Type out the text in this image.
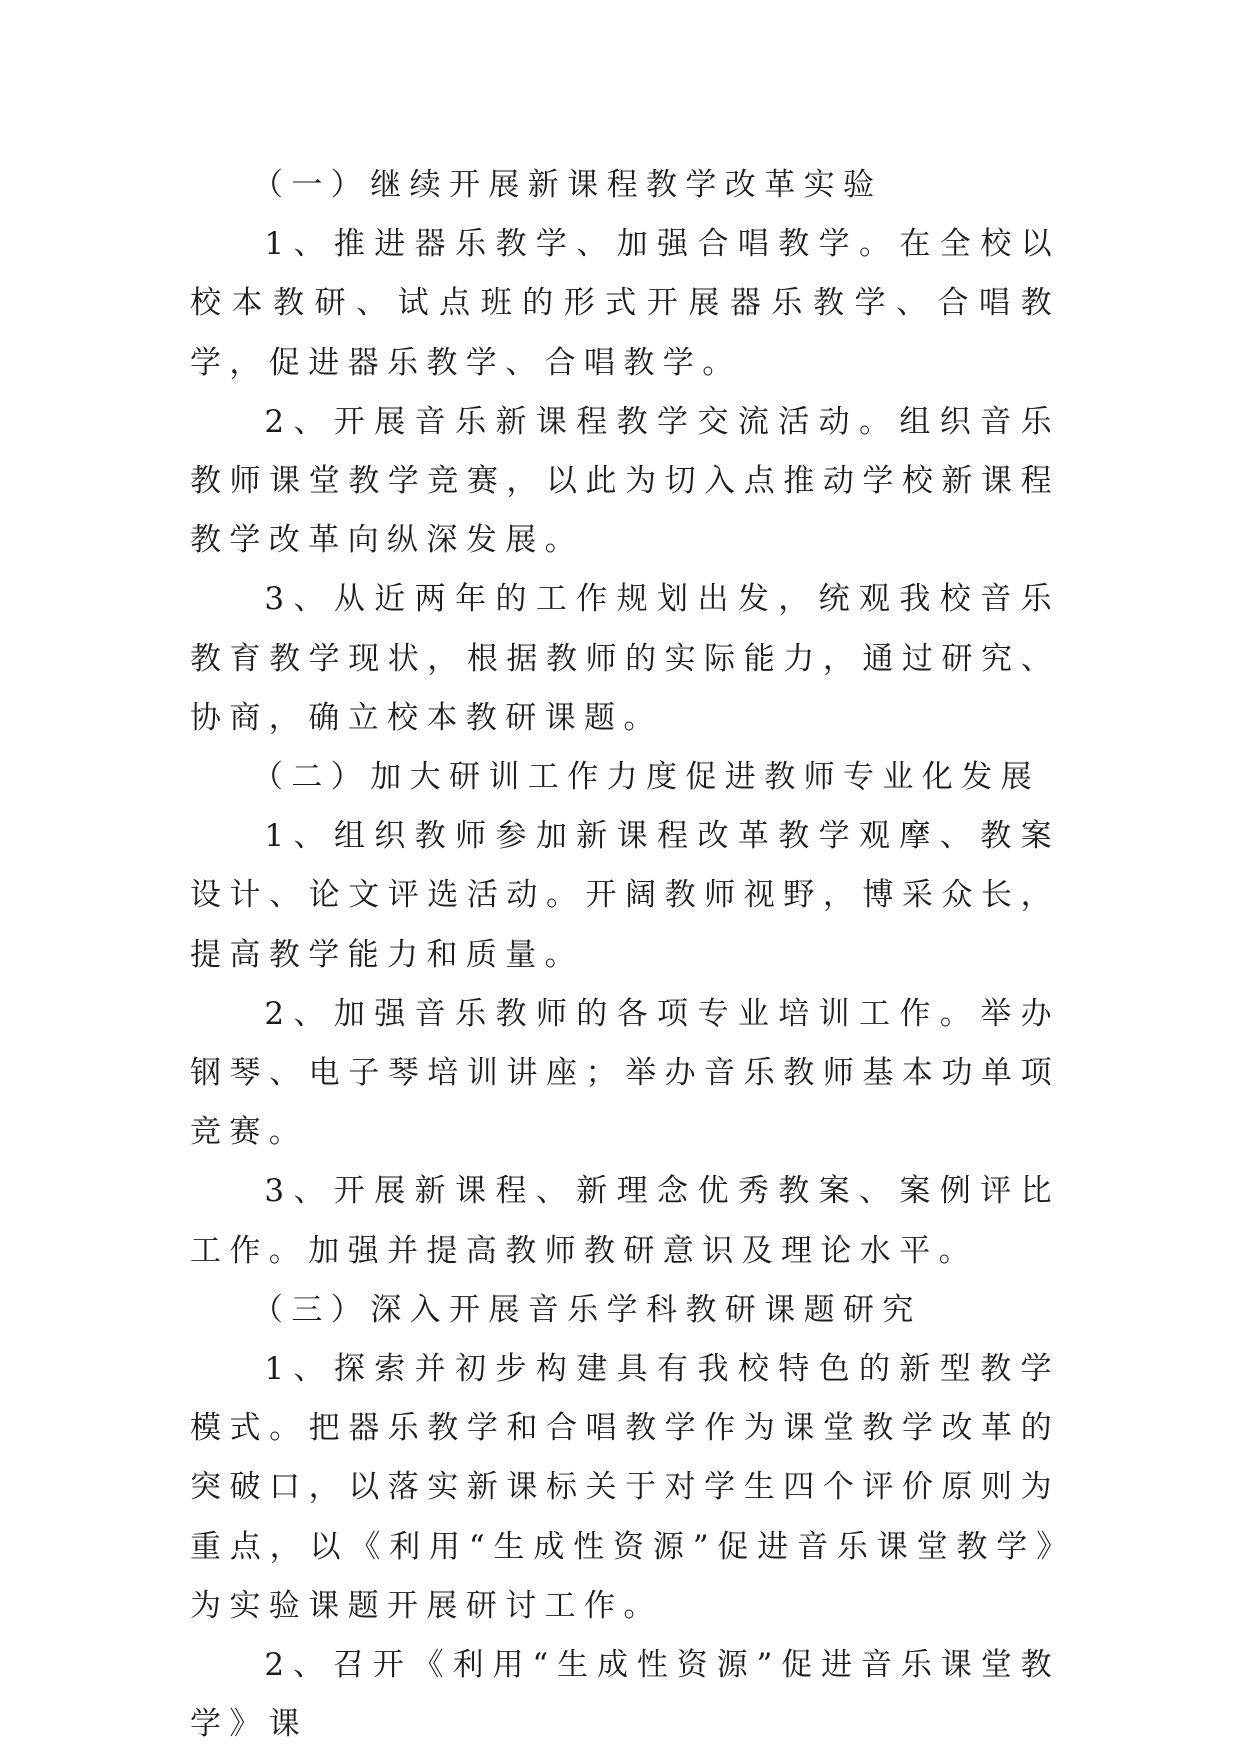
（一）继续开展新课程教学改革实验

1、推进器乐教学、加强合唱教学。在全校以校本教研、试点班的形式开展器乐教学、合唱教学，促进器乐教学、合唱教学。

2、开展音乐新课程教学交流活动。组织音乐教师课堂教学竞赛，以此为切入点推动学校新课程教学改革向纵深发展。

3、从近两年的工作规划出发，统观我校音乐教育教学现状，根据教师的实际能力，通过研究、协商，确立校本教研课题。

（二）加大研训工作力度促进教师专业化发展

1、组织教师参加新课程改革教学观摩、教案设计、论文评选活动。开阔教师视野，博采众长，提高教学能力和质量。

2、加强音乐教师的各项专业培训工作。举办钢琴、电子琴培训讲座；举办音乐教师基本功单项竞赛。

3、开展新课程、新理念优秀教案、案例评比工作。加强并提高教师教研意识及理论水平。

（三）深入开展音乐学科教研课题研究

1、探索并初步构建具有我校特色的新型教学模式。把器乐教学和合唱教学作为课堂教学改革的突破口，以落实新课标关于对学生四个评价原则为重点，以《利用“生成性资源”促进音乐课堂教学》为实验课题开展研讨工作。

2、召开《利用“生成性资源”促进音乐课堂教学》课
